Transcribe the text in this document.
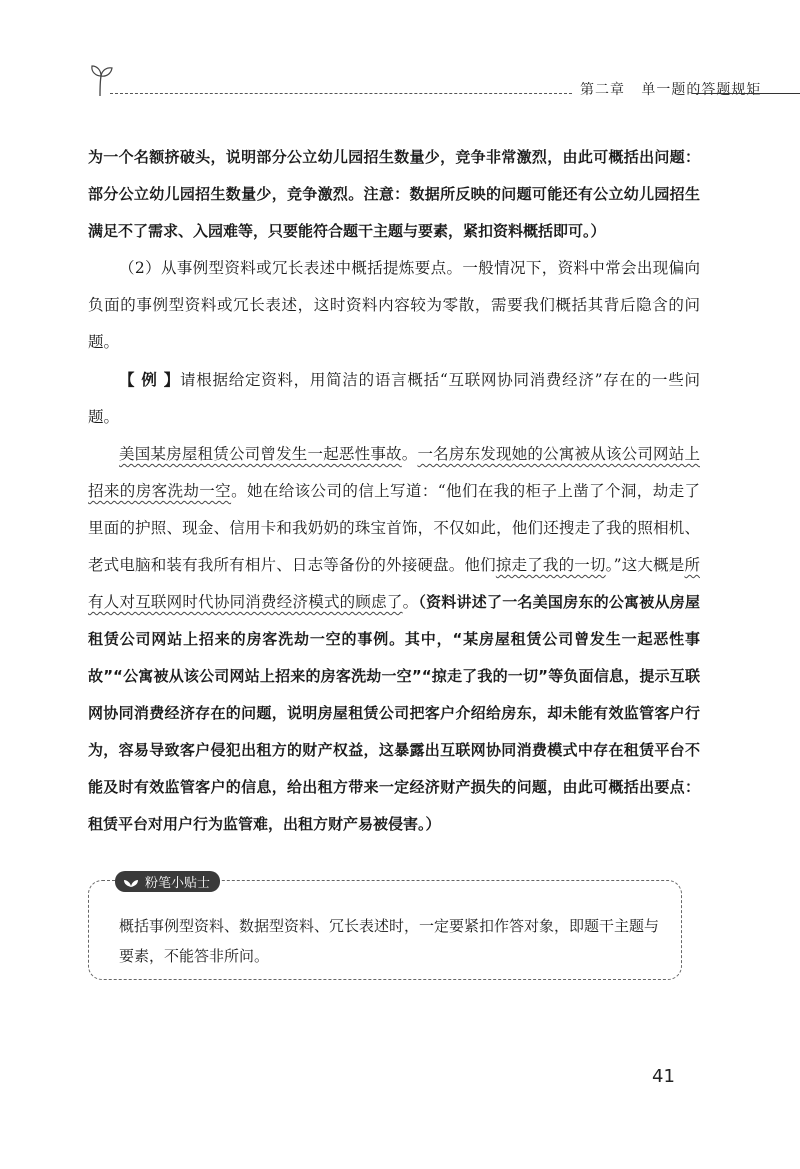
第二章 单一题的答题规矩

为一个名额挤破头，说明部分公立幼儿园招生数量少，竞争非常激烈，由此可概括出问题：部分公立幼儿园招生数量少，竞争激烈。注意：数据所反映的问题可能还有公立幼儿园招生满足不了需求、入园难等，只要能符合题干主题与要素，紧扣资料概括即可。）

（2）从事例型资料或冗长表述中概括提炼要点。一般情况下，资料中常会出现偏向负面的事例型资料或冗长表述，这时资料内容较为零散，需要我们概括其背后隐含的问题。

【 例 】请根据给定资料，用简洁的语言概括“互联网协同消费经济”存在的一些问题。

美国某房屋租赁公司曾发生一起恶性事故。一名房东发现她的公寓被从该公司网站上招来的房客洗劫一空。她在给该公司的信上写道：“他们在我的柜子上凿了个洞，劫走了里面的护照、现金、信用卡和我奶奶的珠宝首饰，不仅如此，他们还搜走了我的照相机、老式电脑和装有我所有相片、日志等备份的外接硬盘。他们掠走了我的一切。”这大概是所有人对互联网时代协同消费经济模式的顾虑了。（资料讲述了一名美国房东的公寓被从房屋租赁公司网站上招来的房客洗劫一空的事例。其中，“某房屋租赁公司曾发生一起恶性事故”“公寓被从该公司网站上招来的房客洗劫一空”“掠走了我的一切”等负面信息，提示互联网协同消费经济存在的问题，说明房屋租赁公司把客户介绍给房东，却未能有效监管客户行为，容易导致客户侵犯出租方的财产权益，这暴露出互联网协同消费模式中存在租赁平台不能及时有效监管客户的信息，给出租方带来一定经济财产损失的问题，由此可概括出要点：租赁平台对用户行为监管难，出租方财产易被侵害。）

粉笔小贴士
概括事例型资料、数据型资料、冗长表述时，一定要紧扣作答对象，即题干主题与要素，不能答非所问。
41
